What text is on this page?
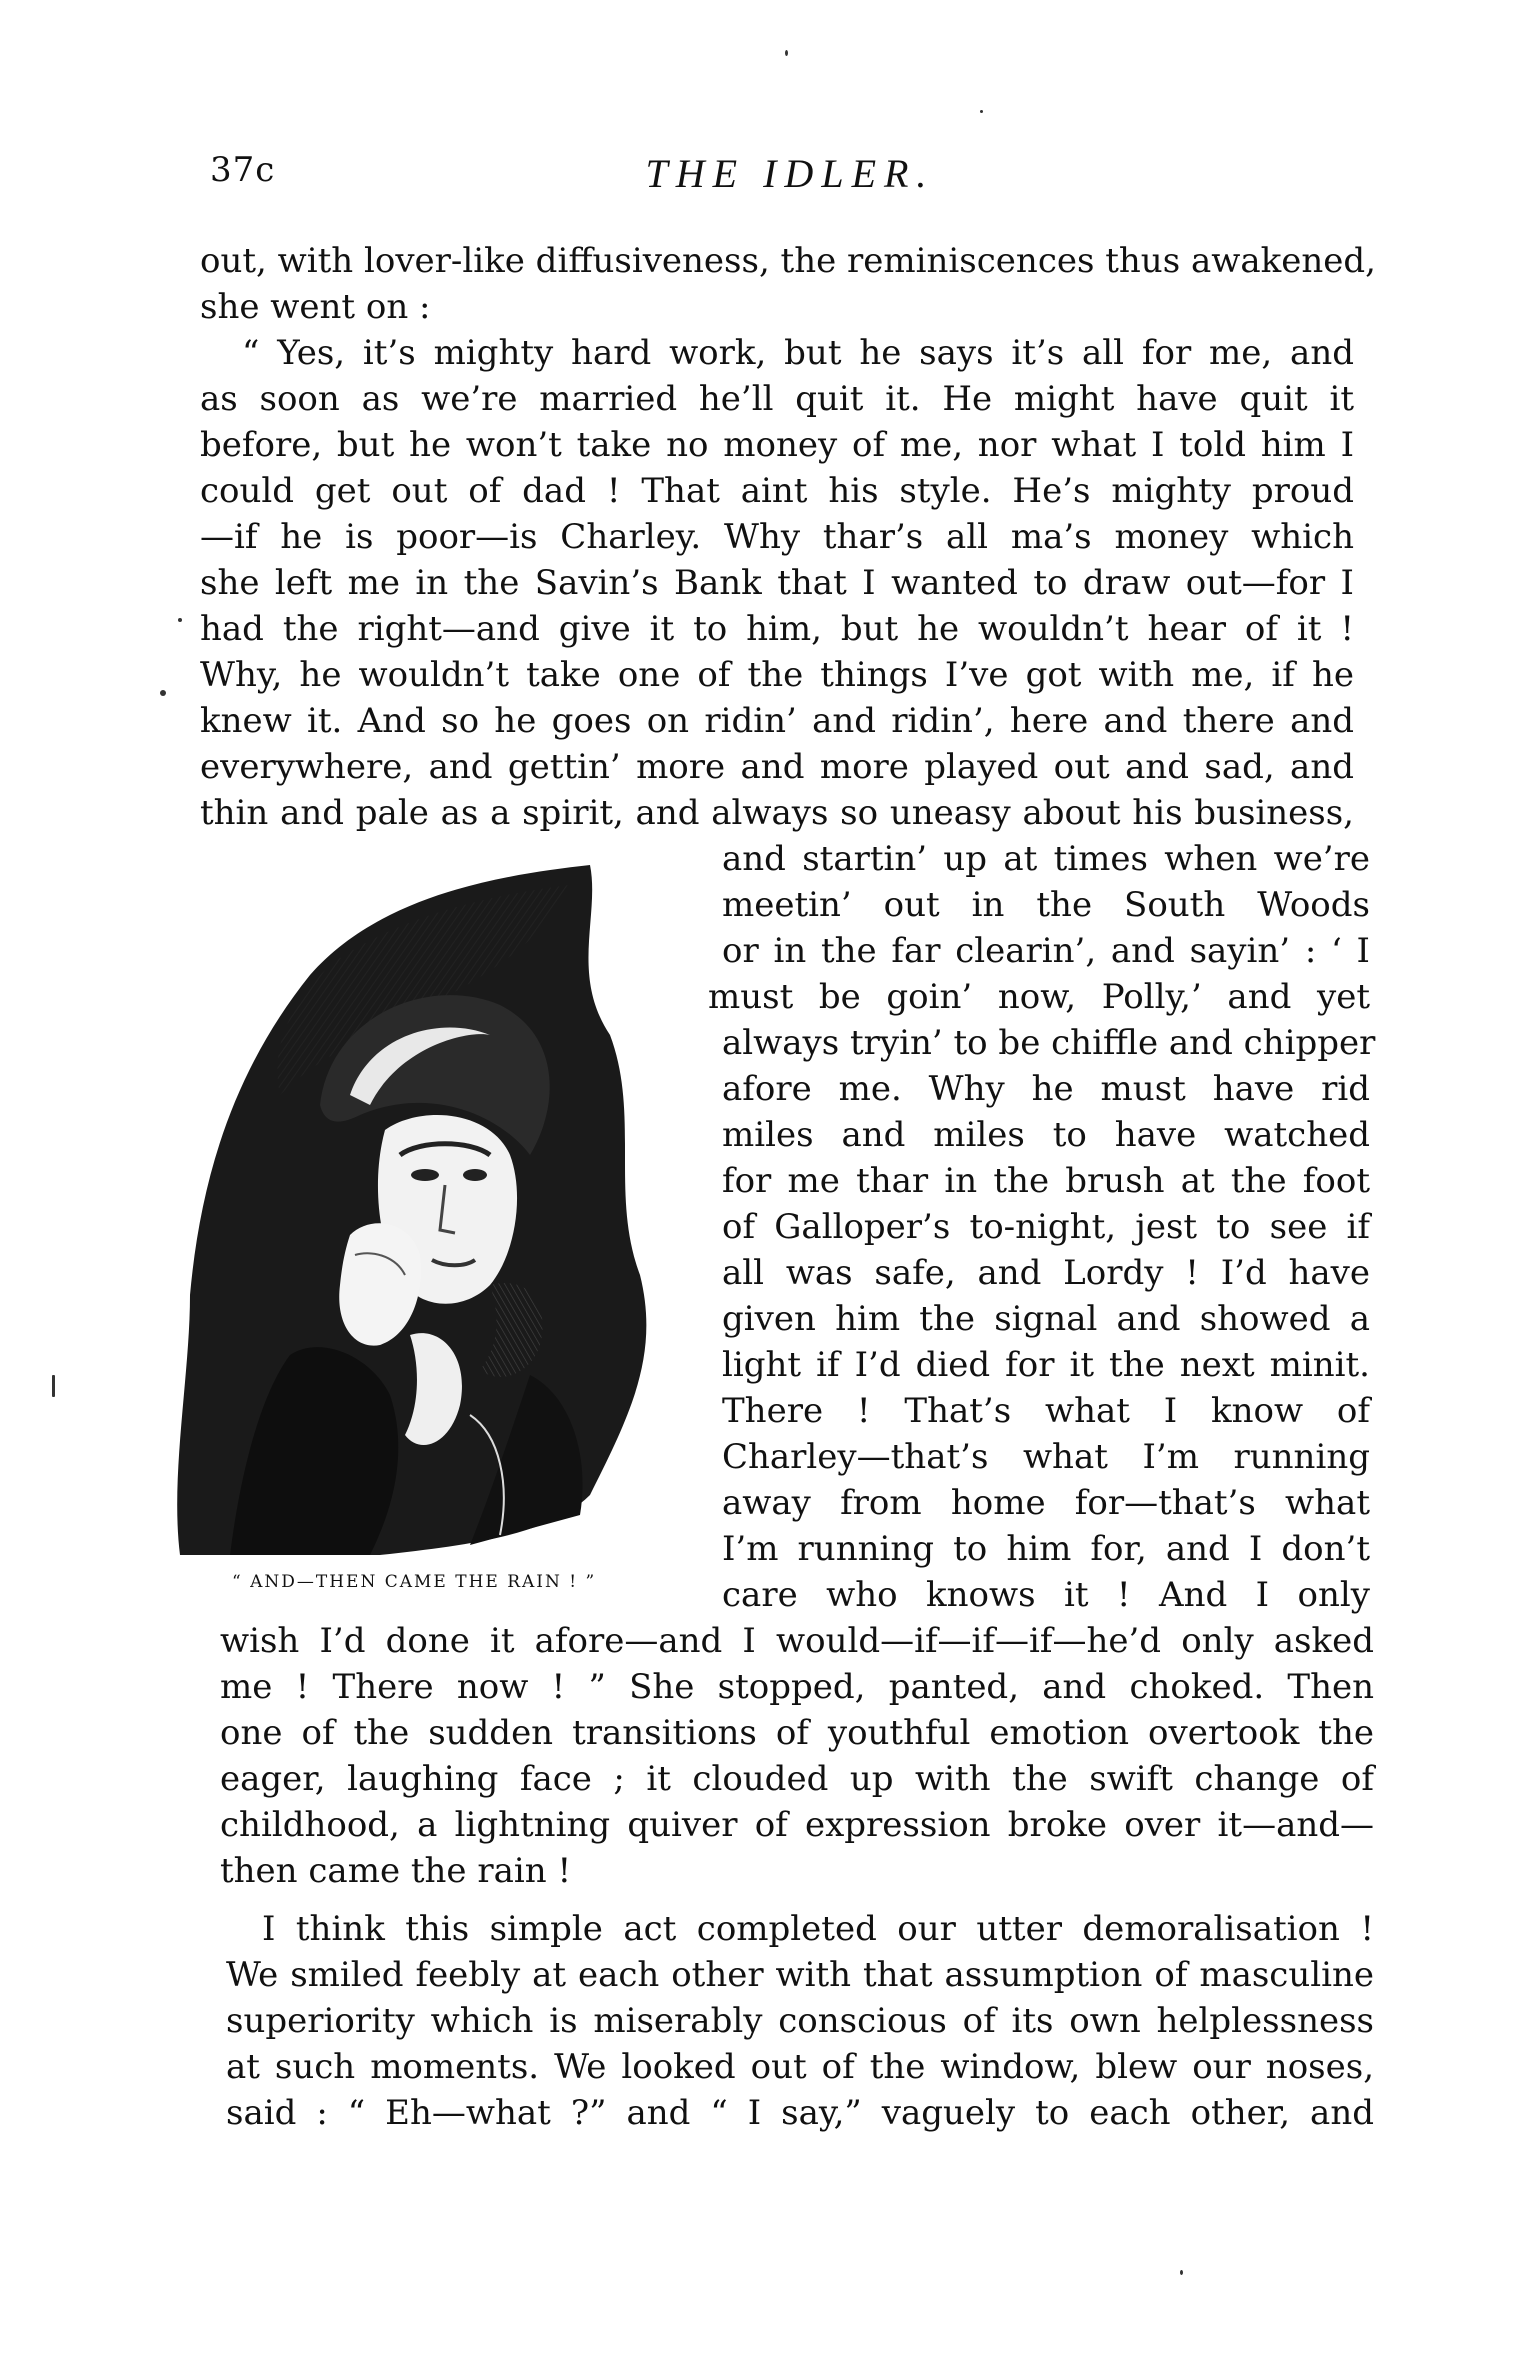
37c	THE IDLER.
out, with lover-like diffusiveness, the reminiscences thus awakened,
she went on :
“ Yes, it’s mighty hard work, but he says it’s all for me, and
as soon as we’re married he’ll quit it. He might have quit it
before, but he won’t take no money of me, nor what I told him I
could get out of dad ! That aint his style. He’s mighty proud
—if he is poor—is Charley. Why thar’s all ma’s money which
she left me in the Savin’s Bank that I wanted to draw out—for I
had the right—and give it to him, but he wouldn’t hear of it !
Why, he wouldn’t take one of the things I’ve got with me, if he
knew it. And so he goes on ridin’ and ridin’, here and there and
everywhere, and gettin’ more and more played out and sad, and
thin and pale as a spirit, and always so uneasy about his business,
“ AND—THEN CAME THE RAIN ! ”
and startin’ up at times when we’re
meetin’ out in the South Woods
or in the far clearin’, and sayin’ : ‘ I
must be goin’ now, Polly,’ and yet
always tryin’ to be chiffle and chipper
afore me. Why he must have rid
miles and miles to have watched
for me thar in the brush at the foot
of Galloper’s to-night, jest to see if
all was safe, and Lordy ! I’d have
given him the signal and showed a
light if I’d died for it the next minit.
There ! That’s what I know of
Charley—that’s what I’m running
away from home for—that’s what
I’m running to him for, and I don’t
care who knows it ! And I only
wish I’d done it afore—and I would—if—if—if—he’d only asked
me ! There now ! ” She stopped, panted, and choked. Then
one of the sudden transitions of youthful emotion overtook the
eager, laughing face ; it clouded up with the swift change of
childhood, a lightning quiver of expression broke over it—and—
then came the rain !
I think this simple act completed our utter demoralisation !
We smiled feebly at each other with that assumption of masculine
superiority which is miserably conscious of its own helplessness
at such moments. We looked out of the window, blew our noses,
said : “ Eh—what ?” and “ I say,” vaguely to each other, and
